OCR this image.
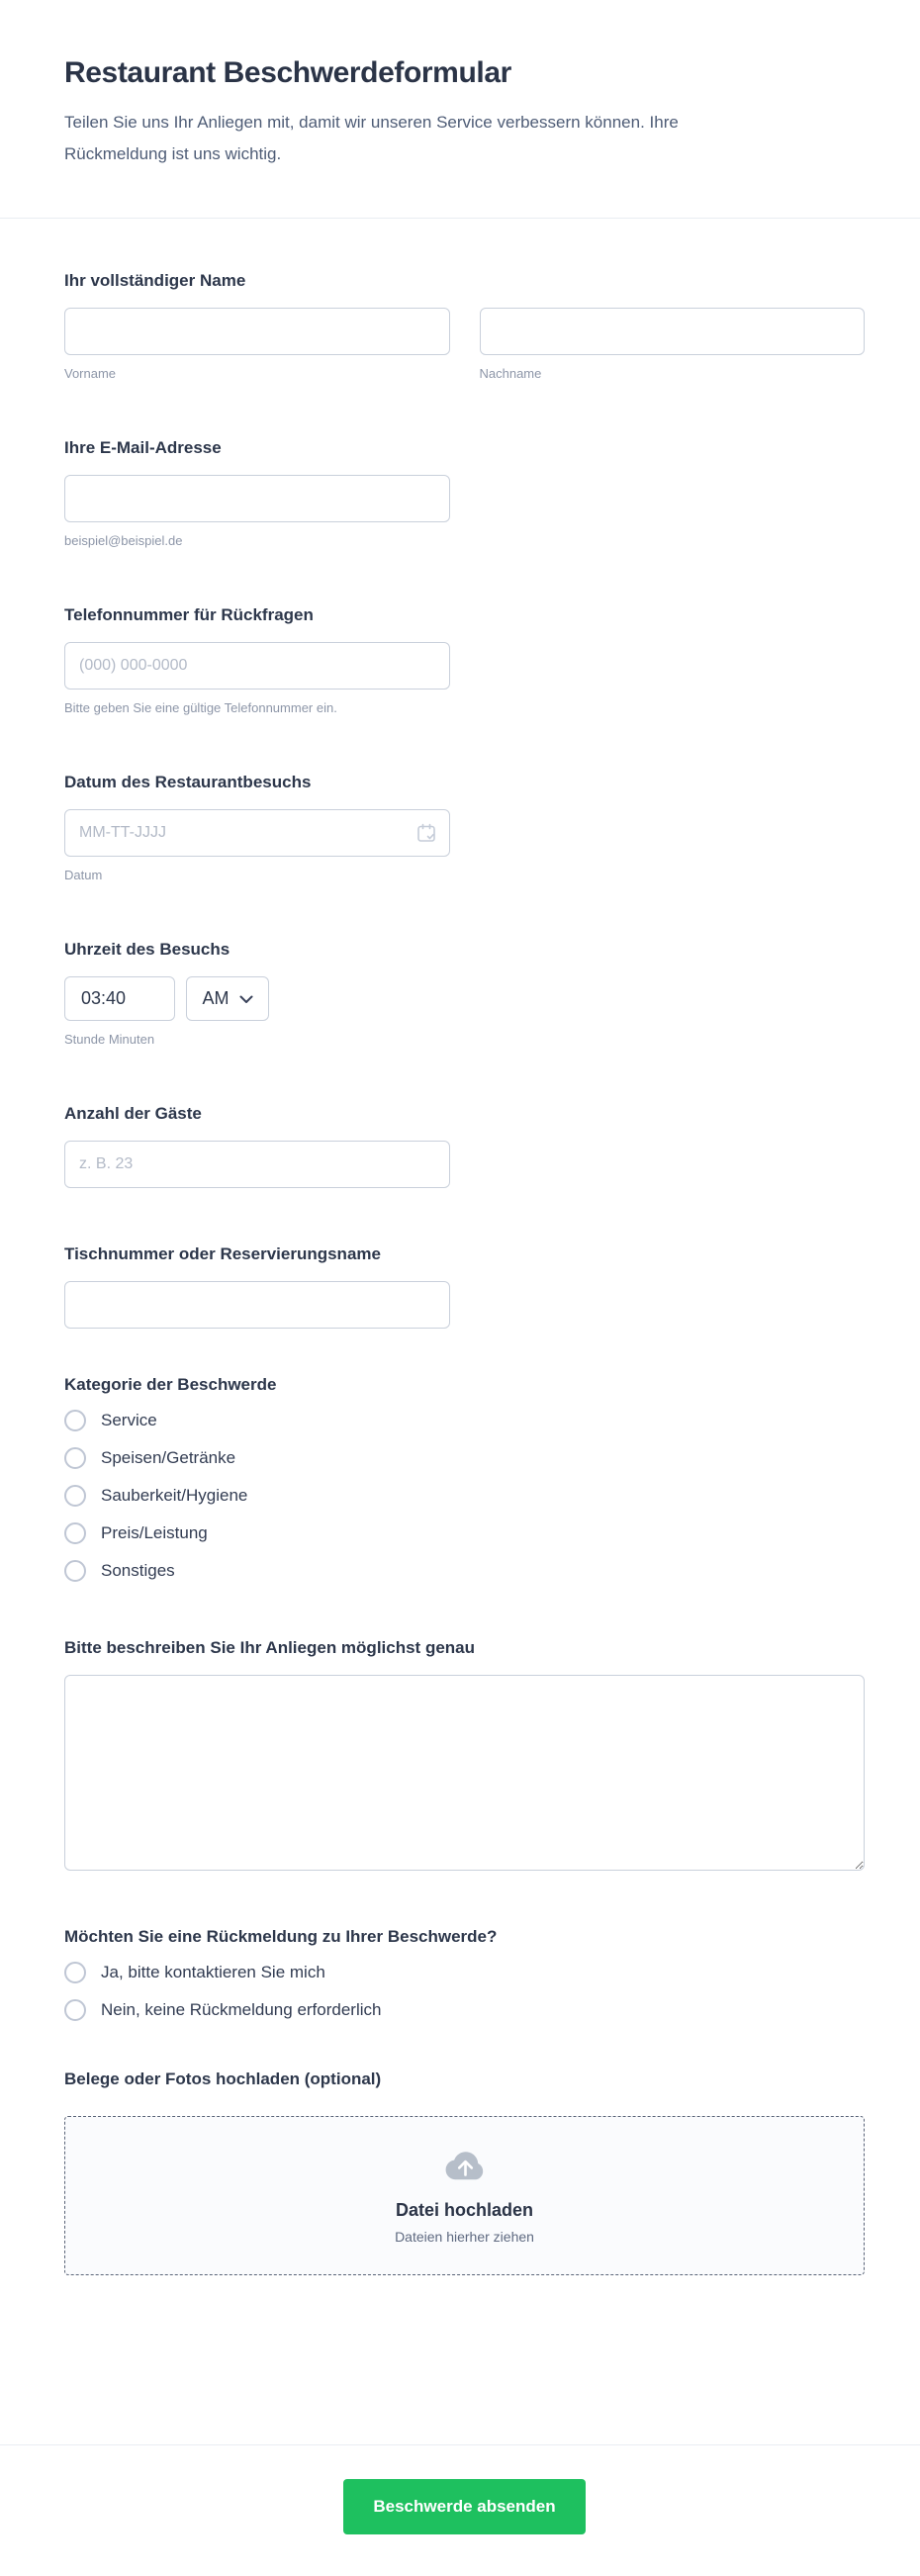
Restaurant Beschwerdeformular

Teilen Sie uns Ihr Anliegen mit, damit wir unseren Service verbessern können. Ihre Rückmeldung ist uns wichtig.

Ihr vollständiger Name
Vorname	Nachname
Ihre E-Mail-Adresse
beispiel@beispiel.de
Telefonnummer für Rückfragen
(000) 000-0000
Bitte geben Sie eine gültige Telefonnummer ein.
Datum des Restaurantbesuchs
MM-TT-JJJJ
Datum
Uhrzeit des Besuchs
03:40
AM
Stunde Minuten
Anzahl der Gäste
z. B. 23
Tischnummer oder Reservierungsname
Kategorie der Beschwerde
Service
Speisen/Getränke
Sauberkeit/Hygiene
Preis/Leistung
Sonstiges
Bitte beschreiben Sie Ihr Anliegen möglichst genau
Möchten Sie eine Rückmeldung zu Ihrer Beschwerde?
Ja, bitte kontaktieren Sie mich
Nein, keine Rückmeldung erforderlich
Belege oder Fotos hochladen (optional)
Datei hochladen
Dateien hierher ziehen
Beschwerde absenden
